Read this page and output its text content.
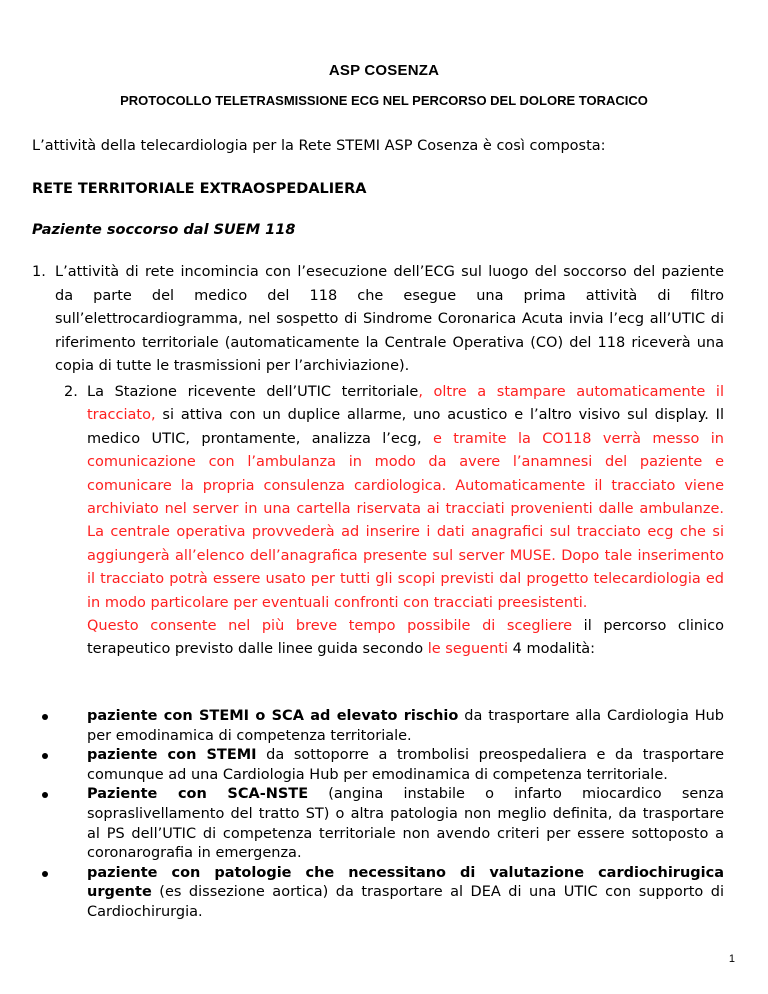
ASP COSENZA
PROTOCOLLO TELETRASMISSIONE ECG NEL PERCORSO DEL DOLORE TORACICO
L’attività della telecardiologia per la Rete STEMI ASP Cosenza è così composta:
RETE TERRITORIALE EXTRAOSPEDALIERA
Paziente soccorso dal SUEM 118
1. L’attività di rete incomincia con l’esecuzione dell’ECG sul luogo del soccorso del paziente da parte del medico del 118 che esegue una prima attività di filtro sull’elettrocardiogramma, nel sospetto di Sindrome Coronarica Acuta invia l’ecg all’UTIC di riferimento territoriale (automaticamente la Centrale Operativa (CO) del 118 riceverà una copia di tutte le trasmissioni per l’archiviazione).
2. La Stazione ricevente dell’UTIC territoriale, oltre a stampare automaticamente il tracciato, si attiva con un duplice allarme, uno acustico e l’altro visivo sul display. Il medico UTIC, prontamente, analizza l’ecg, e tramite la CO118 verrà messo in comunicazione con l’ambulanza in modo da avere l’anamnesi del paziente e comunicare la propria consulenza cardiologica. Automaticamente il tracciato viene archiviato nel server in una cartella riservata ai tracciati provenienti dalle ambulanze. La centrale operativa provvederà ad inserire i dati anagrafici sul tracciato ecg che si aggiungerà all’elenco dell’anagrafica presente sul server MUSE. Dopo tale inserimento il tracciato potrà essere usato per tutti gli scopi previsti dal progetto telecardiologia ed in modo particolare per eventuali confronti con tracciati preesistenti.
Questo consente nel più breve tempo possibile di scegliere il percorso clinico terapeutico previsto dalle linee guida secondo le seguenti 4 modalità:
paziente con STEMI o SCA ad elevato rischio da trasportare alla Cardiologia Hub per emodinamica di competenza territoriale.
paziente con STEMI da sottoporre a trombolisi preospedaliera e da trasportare comunque ad una Cardiologia Hub per emodinamica di competenza territoriale.
Paziente con SCA-NSTE (angina instabile o infarto miocardico senza sopraslivellamento del tratto ST) o altra patologia non meglio definita, da trasportare al PS dell’UTIC di competenza territoriale non avendo criteri per essere sottoposto a coronarografia in emergenza.
paziente con patologie che necessitano di valutazione cardiochirugica urgente (es dissezione aortica) da trasportare al DEA di una UTIC con supporto di Cardiochirurgia.
1
